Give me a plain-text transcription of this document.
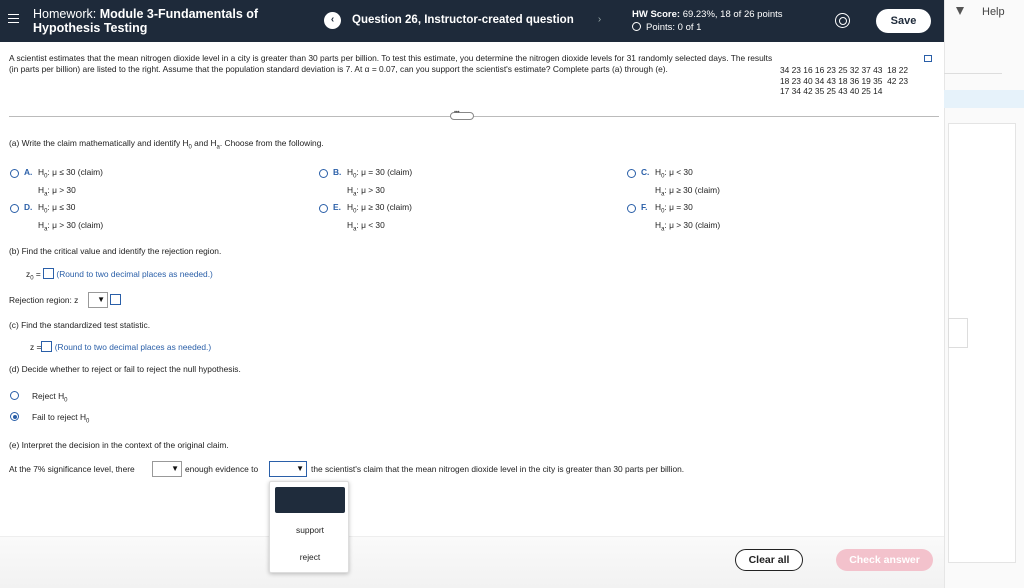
Homework: Module 3-Fundamentals of
Hypothesis Testing
‹	Question 26, Instructor-created question	›	HW Score: 69.23%, 18 of 26 points
Points: 0 of 1
Save
Help
A scientist estimates that the mean nitrogen dioxide level in a city is greater than 30 parts per billion. To test this estimate, you determine the nitrogen dioxide levels for 31 randomly selected days. The results (in parts per billion) are listed to the right. Assume that the population standard deviation is 7. At α = 0.07, can you support the scientist's estimate? Complete parts (a) through (e).	34 23 16 16 23 25 32 37 43  18 22
18 23 40 34 43 18 36 19 35  42 23
17 34 42 35 25 43 40 25 14
• • •
(a) Write the claim mathematically and identify $H_0$ and $H_a$. Choose from the following.
A. $H_0$: μ ≤ 30 (claim)
$H_a$: μ > 30
B. $H_0$: μ = 30 (claim)
$H_a$: μ > 30
C. $H_0$: μ < 30
$H_a$: μ ≥ 30 (claim)
D. $H_0$: μ ≤ 30
$H_a$: μ > 30 (claim)
E. $H_0$: μ ≥ 30 (claim)
$H_a$: μ < 30
F. $H_0$: μ = 30
$H_a$: μ > 30 (claim)
(b) Find the critical value and identify the rejection region.
$z_0$ =  (Round to two decimal places as needed.)
Rejection region: z
▼
(c) Find the standardized test statistic.
z = (Round to two decimal places as needed.)
(d) Decide whether to reject or fail to reject the null hypothesis.
Reject $H_0$
Fail to reject $H_0$
(e) Interpret the decision in the context of the original claim.
At the 7% significance level, there ▼	enough evidence to ▼	the scientist's claim that the mean nitrogen dioxide level in the city is greater than 30 parts per billion.
Clear all	Check answer
support
reject
